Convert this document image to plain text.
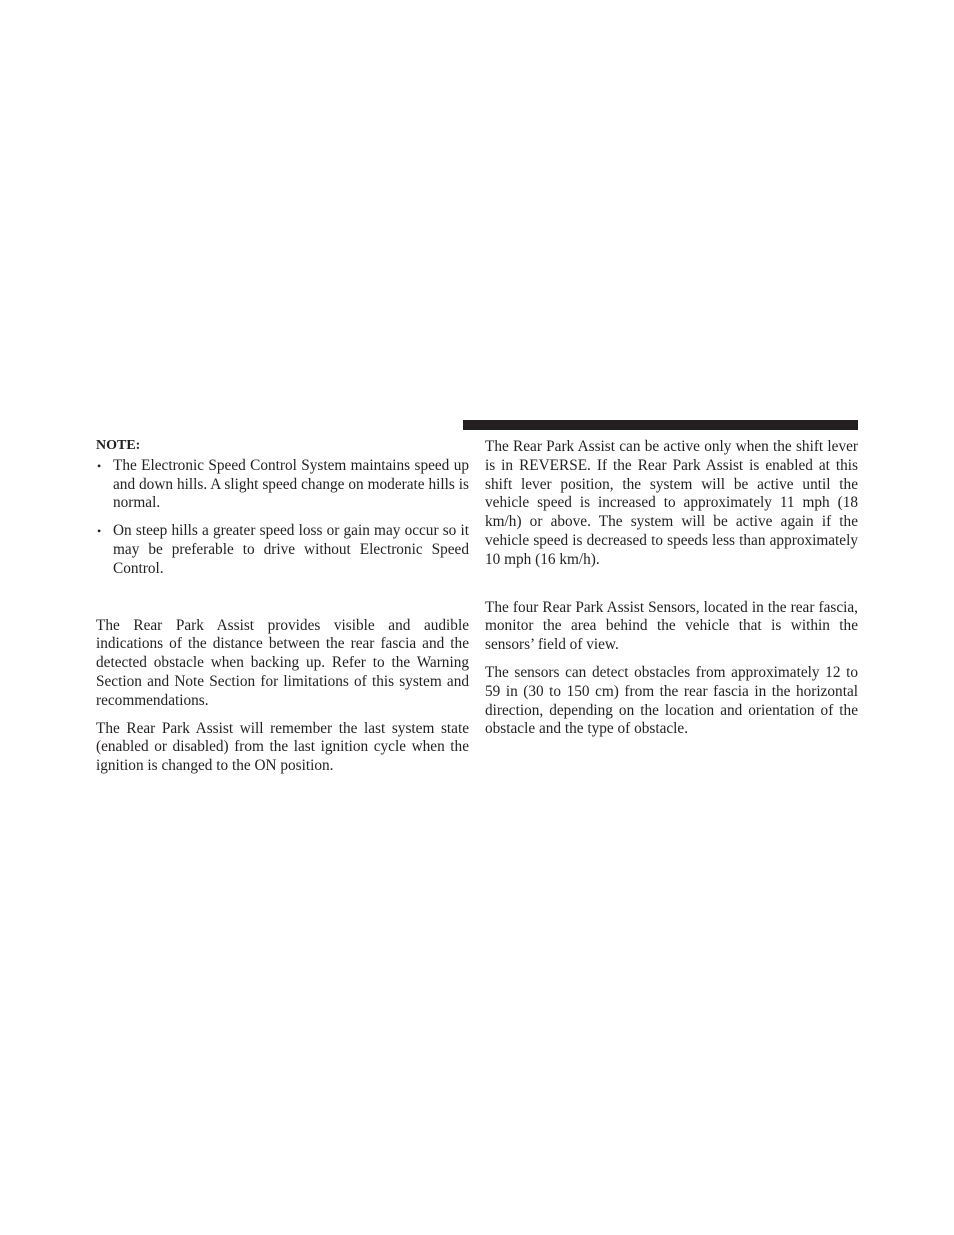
NOTE:
• The Electronic Speed Control System maintains speed up and down hills. A slight speed change on moderate hills is normal.
• On steep hills a greater speed loss or gain may occur so it may be preferable to drive without Electronic Speed Control.

The Rear Park Assist provides visible and audible indications of the distance between the rear fascia and the detected obstacle when backing up. Refer to the Warning Section and Note Section for limitations of this system and recommendations.

The Rear Park Assist will remember the last system state (enabled or disabled) from the last ignition cycle when the ignition is changed to the ON position.

The Rear Park Assist can be active only when the shift lever is in REVERSE. If the Rear Park Assist is enabled at this shift lever position, the system will be active until the vehicle speed is increased to approximately 11 mph (18 km/h) or above. The system will be active again if the vehicle speed is decreased to speeds less than approximately 10 mph (16 km/h).

The four Rear Park Assist Sensors, located in the rear fascia, monitor the area behind the vehicle that is within the sensors’ field of view.

The sensors can detect obstacles from approximately 12 to 59 in (30 to 150 cm) from the rear fascia in the horizontal direction, depending on the location and orientation of the obstacle and the type of obstacle.
